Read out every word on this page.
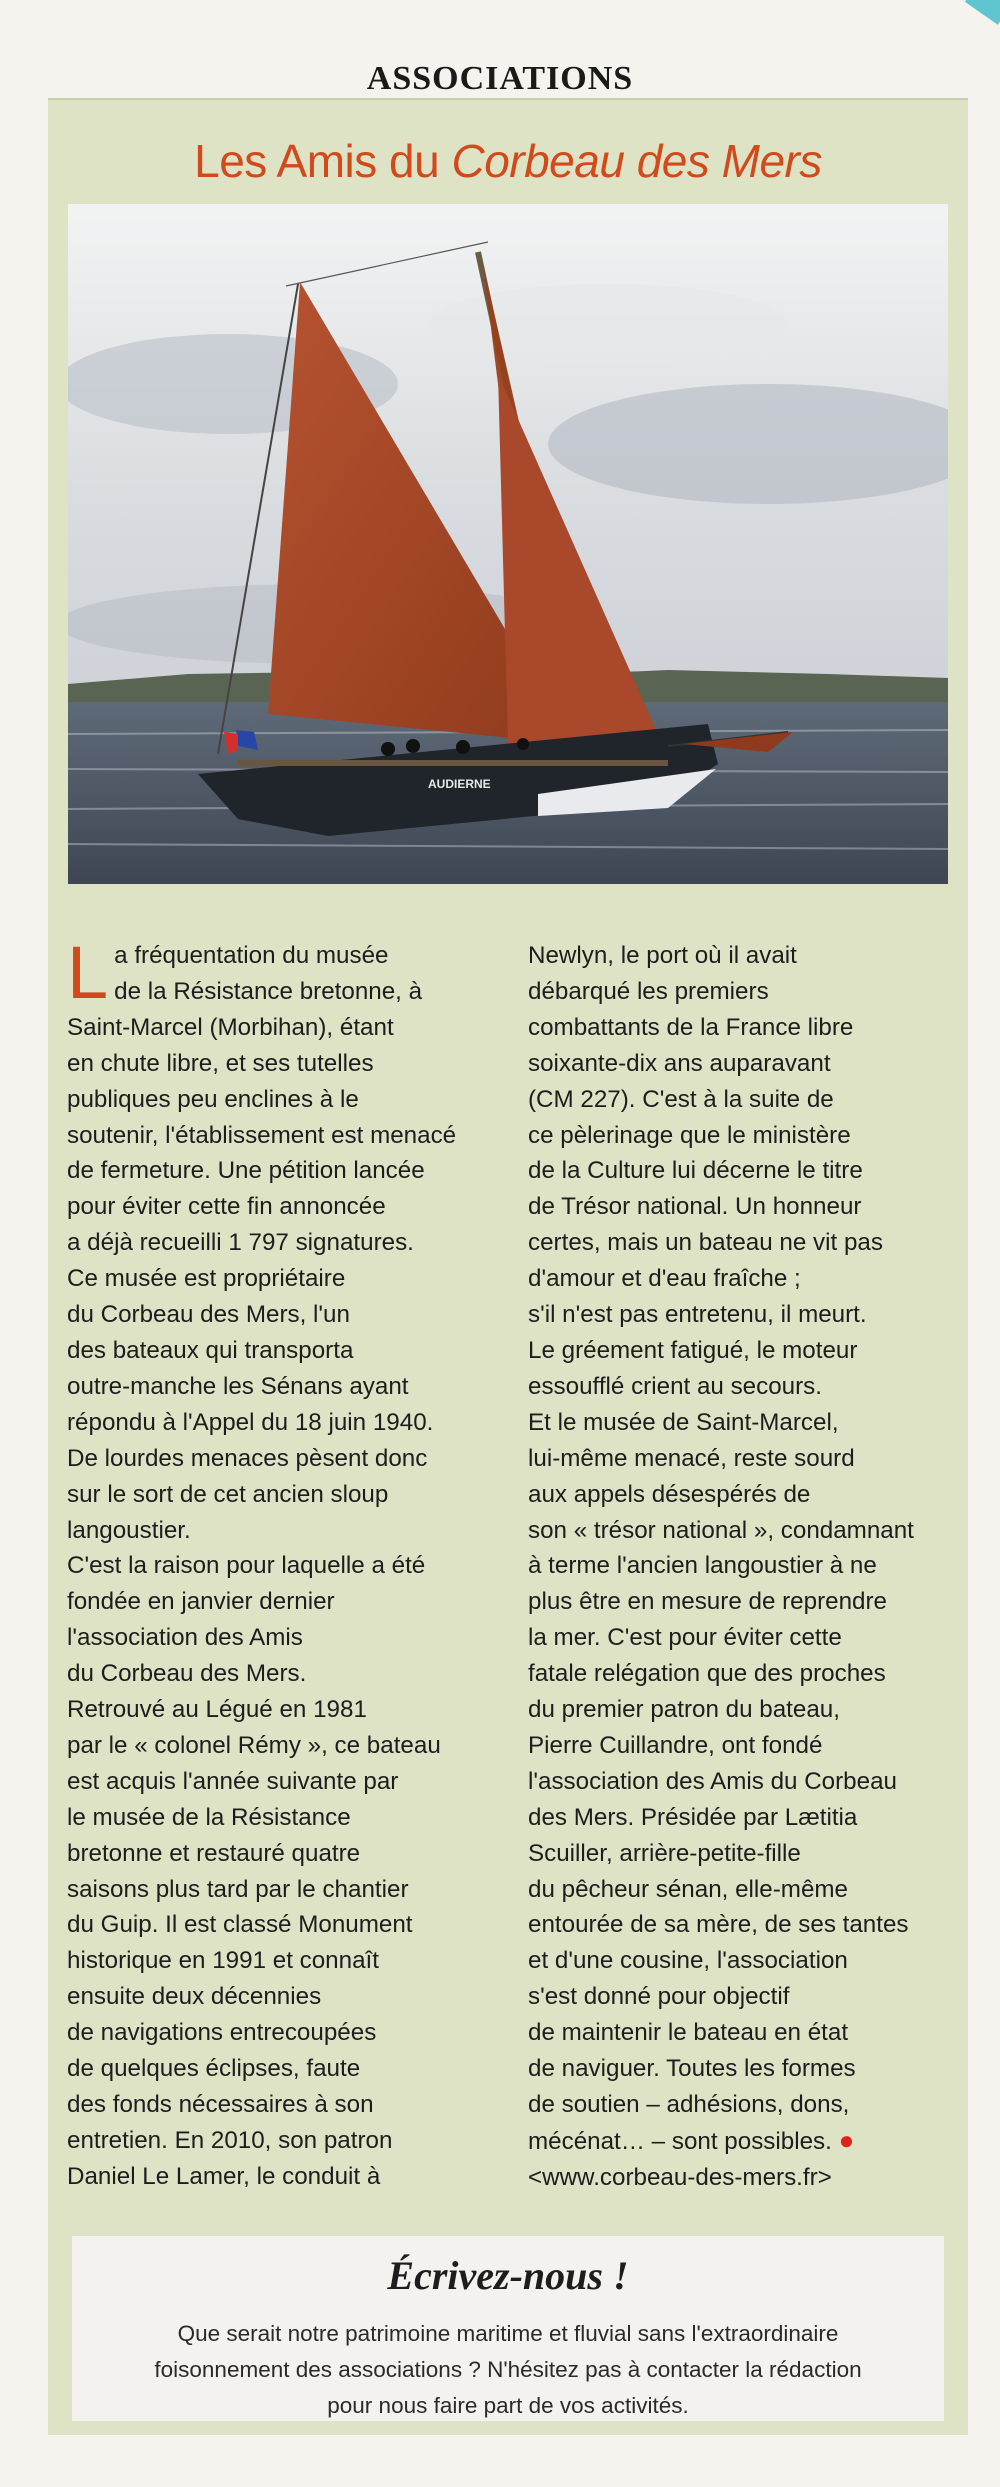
ASSOCIATIONS
Les Amis du Corbeau des Mers
AUDIERNE
L a fréquentation du musée

de la Résistance bretonne, à

Saint-Marcel (Morbihan), étant

en chute libre, et ses tutelles

publiques peu enclines à le

soutenir, l'établissement est menacé

de fermeture. Une pétition lancée

pour éviter cette fin annoncée

a déjà recueilli 1 797 signatures.

Ce musée est propriétaire

du Corbeau des Mers, l'un

des bateaux qui transporta

outre-manche les Sénans ayant

répondu à l'Appel du 18 juin 1940.

De lourdes menaces pèsent donc

sur le sort de cet ancien sloup

langoustier.

C'est la raison pour laquelle a été

fondée en janvier dernier

l'association des Amis

du Corbeau des Mers.

Retrouvé au Légué en 1981

par le « colonel Rémy », ce bateau

est acquis l'année suivante par

le musée de la Résistance

bretonne et restauré quatre

saisons plus tard par le chantier

du Guip. Il est classé Monument

historique en 1991 et connaît

ensuite deux décennies

de navigations entrecoupées

de quelques éclipses, faute

des fonds nécessaires à son

entretien. En 2010, son patron

Daniel Le Lamer, le conduit à

Newlyn, le port où il avait

débarqué les premiers

combattants de la France libre

soixante-dix ans auparavant

(CM 227). C'est à la suite de

ce pèlerinage que le ministère

de la Culture lui décerne le titre

de Trésor national. Un honneur

certes, mais un bateau ne vit pas

d'amour et d'eau fraîche ;

s'il n'est pas entretenu, il meurt.

Le gréement fatigué, le moteur

essoufflé crient au secours.

Et le musée de Saint-Marcel,

lui-même menacé, reste sourd

aux appels désespérés de

son « trésor national », condamnant

à terme l'ancien langoustier à ne

plus être en mesure de reprendre

la mer. C'est pour éviter cette

fatale relégation que des proches

du premier patron du bateau,

Pierre Cuillandre, ont fondé

l'association des Amis du Corbeau

des Mers. Présidée par Lætitia

Scuiller, arrière-petite-fille

du pêcheur sénan, elle-même

entourée de sa mère, de ses tantes

et d'une cousine, l'association

s'est donné pour objectif

de maintenir le bateau en état

de naviguer. Toutes les formes

de soutien – adhésions, dons,

mécénat… – sont possibles. ●

<www.corbeau-des-mers.fr>

Écrivez-nous !
Que serait notre patrimoine maritime et fluvial sans l'extraordinaire
foisonnement des associations ? N'hésitez pas à contacter la rédaction
pour nous faire part de vos activités.
